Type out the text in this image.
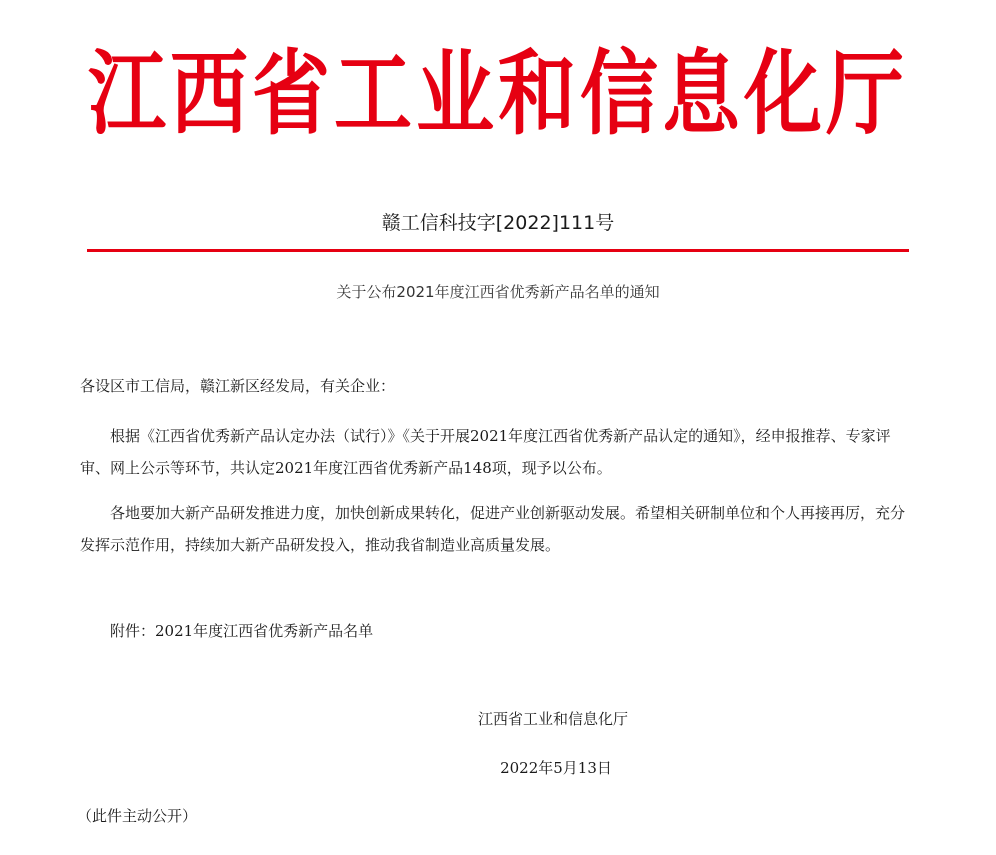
江西省工业和信息化厅
赣工信科技字[2022]111号
关于公布2021年度江西省优秀新产品名单的通知

各设区市工信局，赣江新区经发局，有关企业：

根据《江西省优秀新产品认定办法（试行）》《关于开展2021年度江西省优秀新产品认定的通知》，经申报推荐、专家评审、网上公示等环节，共认定2021年度江西省优秀新产品148项，现予以公布。

各地要加大新产品研发推进力度，加快创新成果转化，促进产业创新驱动发展。希望相关研制单位和个人再接再厉，充分发挥示范作用，持续加大新产品研发投入，推动我省制造业高质量发展。

附件：2021年度江西省优秀新产品名单

江西省工业和信息化厅
2022年5月13日
（此件主动公开）
